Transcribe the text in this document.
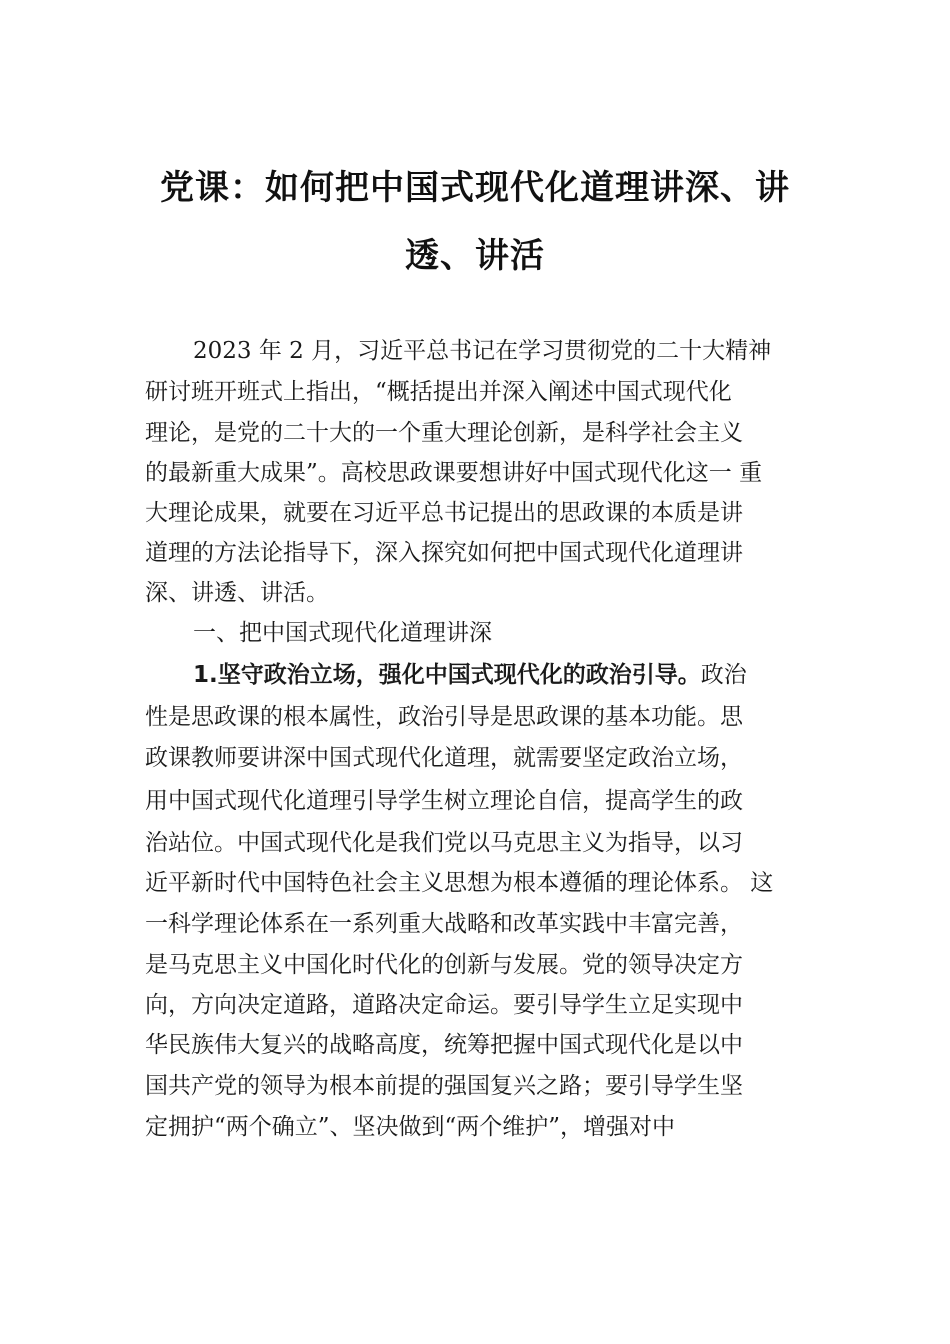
党课：如何把中国式现代化道理讲深、讲
透、讲活

2023 年 2 月，习近平总书记在学习贯彻党的二十大精神

研讨班开班式上指出，“概括提出并深入阐述中国式现代化

理论，是党的二十大的一个重大理论创新，是科学社会主义

的最新重大成果”。高校思政课要想讲好中国式现代化这一 重

大理论成果，就要在习近平总书记提出的思政课的本质是讲

道理的方法论指导下，深入探究如何把中国式现代化道理讲

深、讲透、讲活。

一、把中国式现代化道理讲深

1.坚守政治立场，强化中国式现代化的政治引导。政治

性是思政课的根本属性，政治引导是思政课的基本功能。思

政课教师要讲深中国式现代化道理，就需要坚定政治立场，

用中国式现代化道理引导学生树立理论自信，提高学生的政

治站位。中国式现代化是我们党以马克思主义为指导，以习

近平新时代中国特色社会主义思想为根本遵循的理论体系。 这

一科学理论体系在一系列重大战略和改革实践中丰富完善，

是马克思主义中国化时代化的创新与发展。党的领导决定方

向，方向决定道路，道路决定命运。要引导学生立足实现中

华民族伟大复兴的战略高度，统筹把握中国式现代化是以中

国共产党的领导为根本前提的强国复兴之路；要引导学生坚

定拥护“两个确立”、坚决做到“两个维护”，增强对中
